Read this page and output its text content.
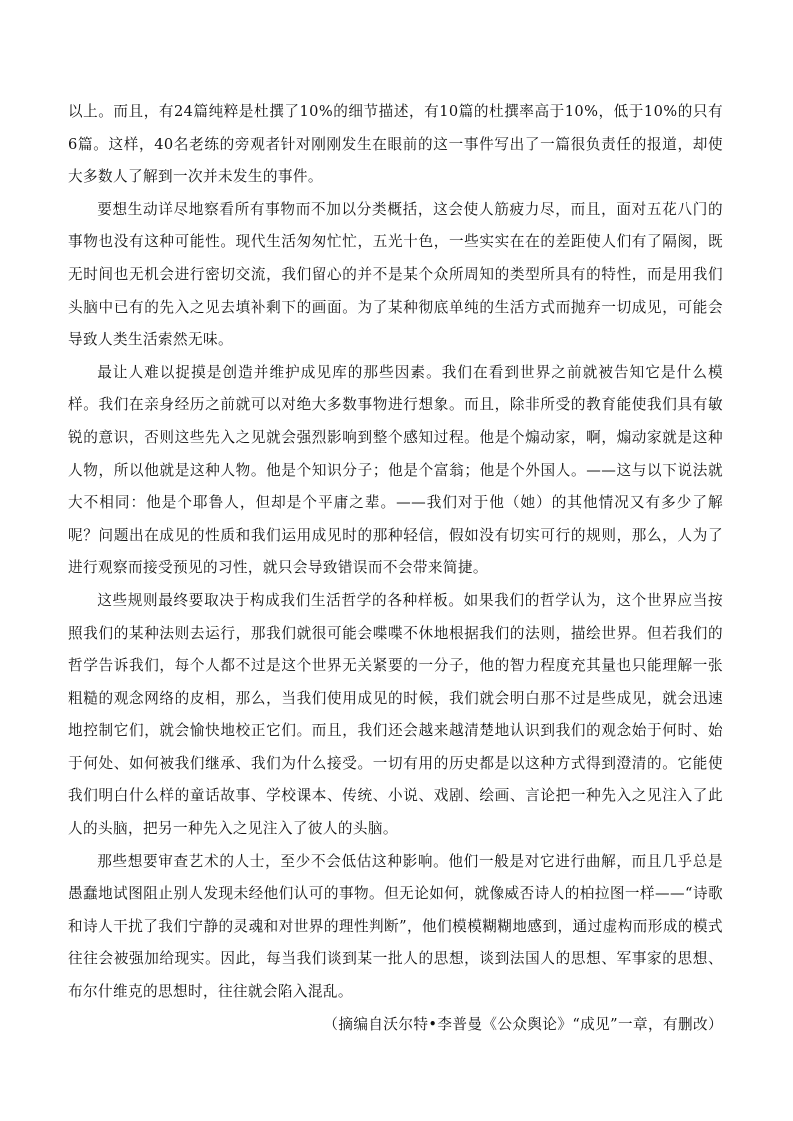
以上。而且，有24篇纯粹是杜撰了10%的细节描述，有10篇的杜撰率高于10%，低于10%的只有6篇。这样，40名老练的旁观者针对刚刚发生在眼前的这一事件写出了一篇很负责任的报道，却使大多数人了解到一次并未发生的事件。

要想生动详尽地察看所有事物而不加以分类概括，这会使人筋疲力尽，而且，面对五花八门的事物也没有这种可能性。现代生活匆匆忙忙，五光十色，一些实实在在的差距使人们有了隔阂，既无时间也无机会进行密切交流，我们留心的并不是某个众所周知的类型所具有的特性，而是用我们头脑中已有的先入之见去填补剩下的画面。为了某种彻底单纯的生活方式而抛弃一切成见，可能会导致人类生活索然无味。

最让人难以捉摸是创造并维护成见库的那些因素。我们在看到世界之前就被告知它是什么模样。我们在亲身经历之前就可以对绝大多数事物进行想象。而且，除非所受的教育能使我们具有敏锐的意识，否则这些先入之见就会强烈影响到整个感知过程。他是个煽动家，啊，煽动家就是这种人物，所以他就是这种人物。他是个知识分子；他是个富翁；他是个外国人。——这与以下说法就大不相同：他是个耶鲁人，但却是个平庸之辈。——我们对于他（她）的其他情况又有多少了解呢？问题出在成见的性质和我们运用成见时的那种轻信，假如没有切实可行的规则，那么，人为了进行观察而接受预见的习性，就只会导致错误而不会带来简捷。

这些规则最终要取决于构成我们生活哲学的各种样板。如果我们的哲学认为，这个世界应当按照我们的某种法则去运行，那我们就很可能会喋喋不休地根据我们的法则，描绘世界。但若我们的哲学告诉我们，每个人都不过是这个世界无关紧要的一分子，他的智力程度充其量也只能理解一张粗糙的观念网络的皮相，那么，当我们使用成见的时候，我们就会明白那不过是些成见，就会迅速地控制它们，就会愉快地校正它们。而且，我们还会越来越清楚地认识到我们的观念始于何时、始于何处、如何被我们继承、我们为什么接受。一切有用的历史都是以这种方式得到澄清的。它能使我们明白什么样的童话故事、学校课本、传统、小说、戏剧、绘画、言论把一种先入之见注入了此人的头脑，把另一种先入之见注入了彼人的头脑。

那些想要审查艺术的人士，至少不会低估这种影响。他们一般是对它进行曲解，而且几乎总是愚蠢地试图阻止别人发现未经他们认可的事物。但无论如何，就像威否诗人的柏拉图一样——“诗歌和诗人干扰了我们宁静的灵魂和对世界的理性判断”，他们模模糊糊地感到，通过虚构而形成的模式往往会被强加给现实。因此，每当我们谈到某一批人的思想，谈到法国人的思想、军事家的思想、布尔什维克的思想时，往往就会陷入混乱。

（摘编自沃尔特•李普曼《公众舆论》“成见”一章，有删改）
